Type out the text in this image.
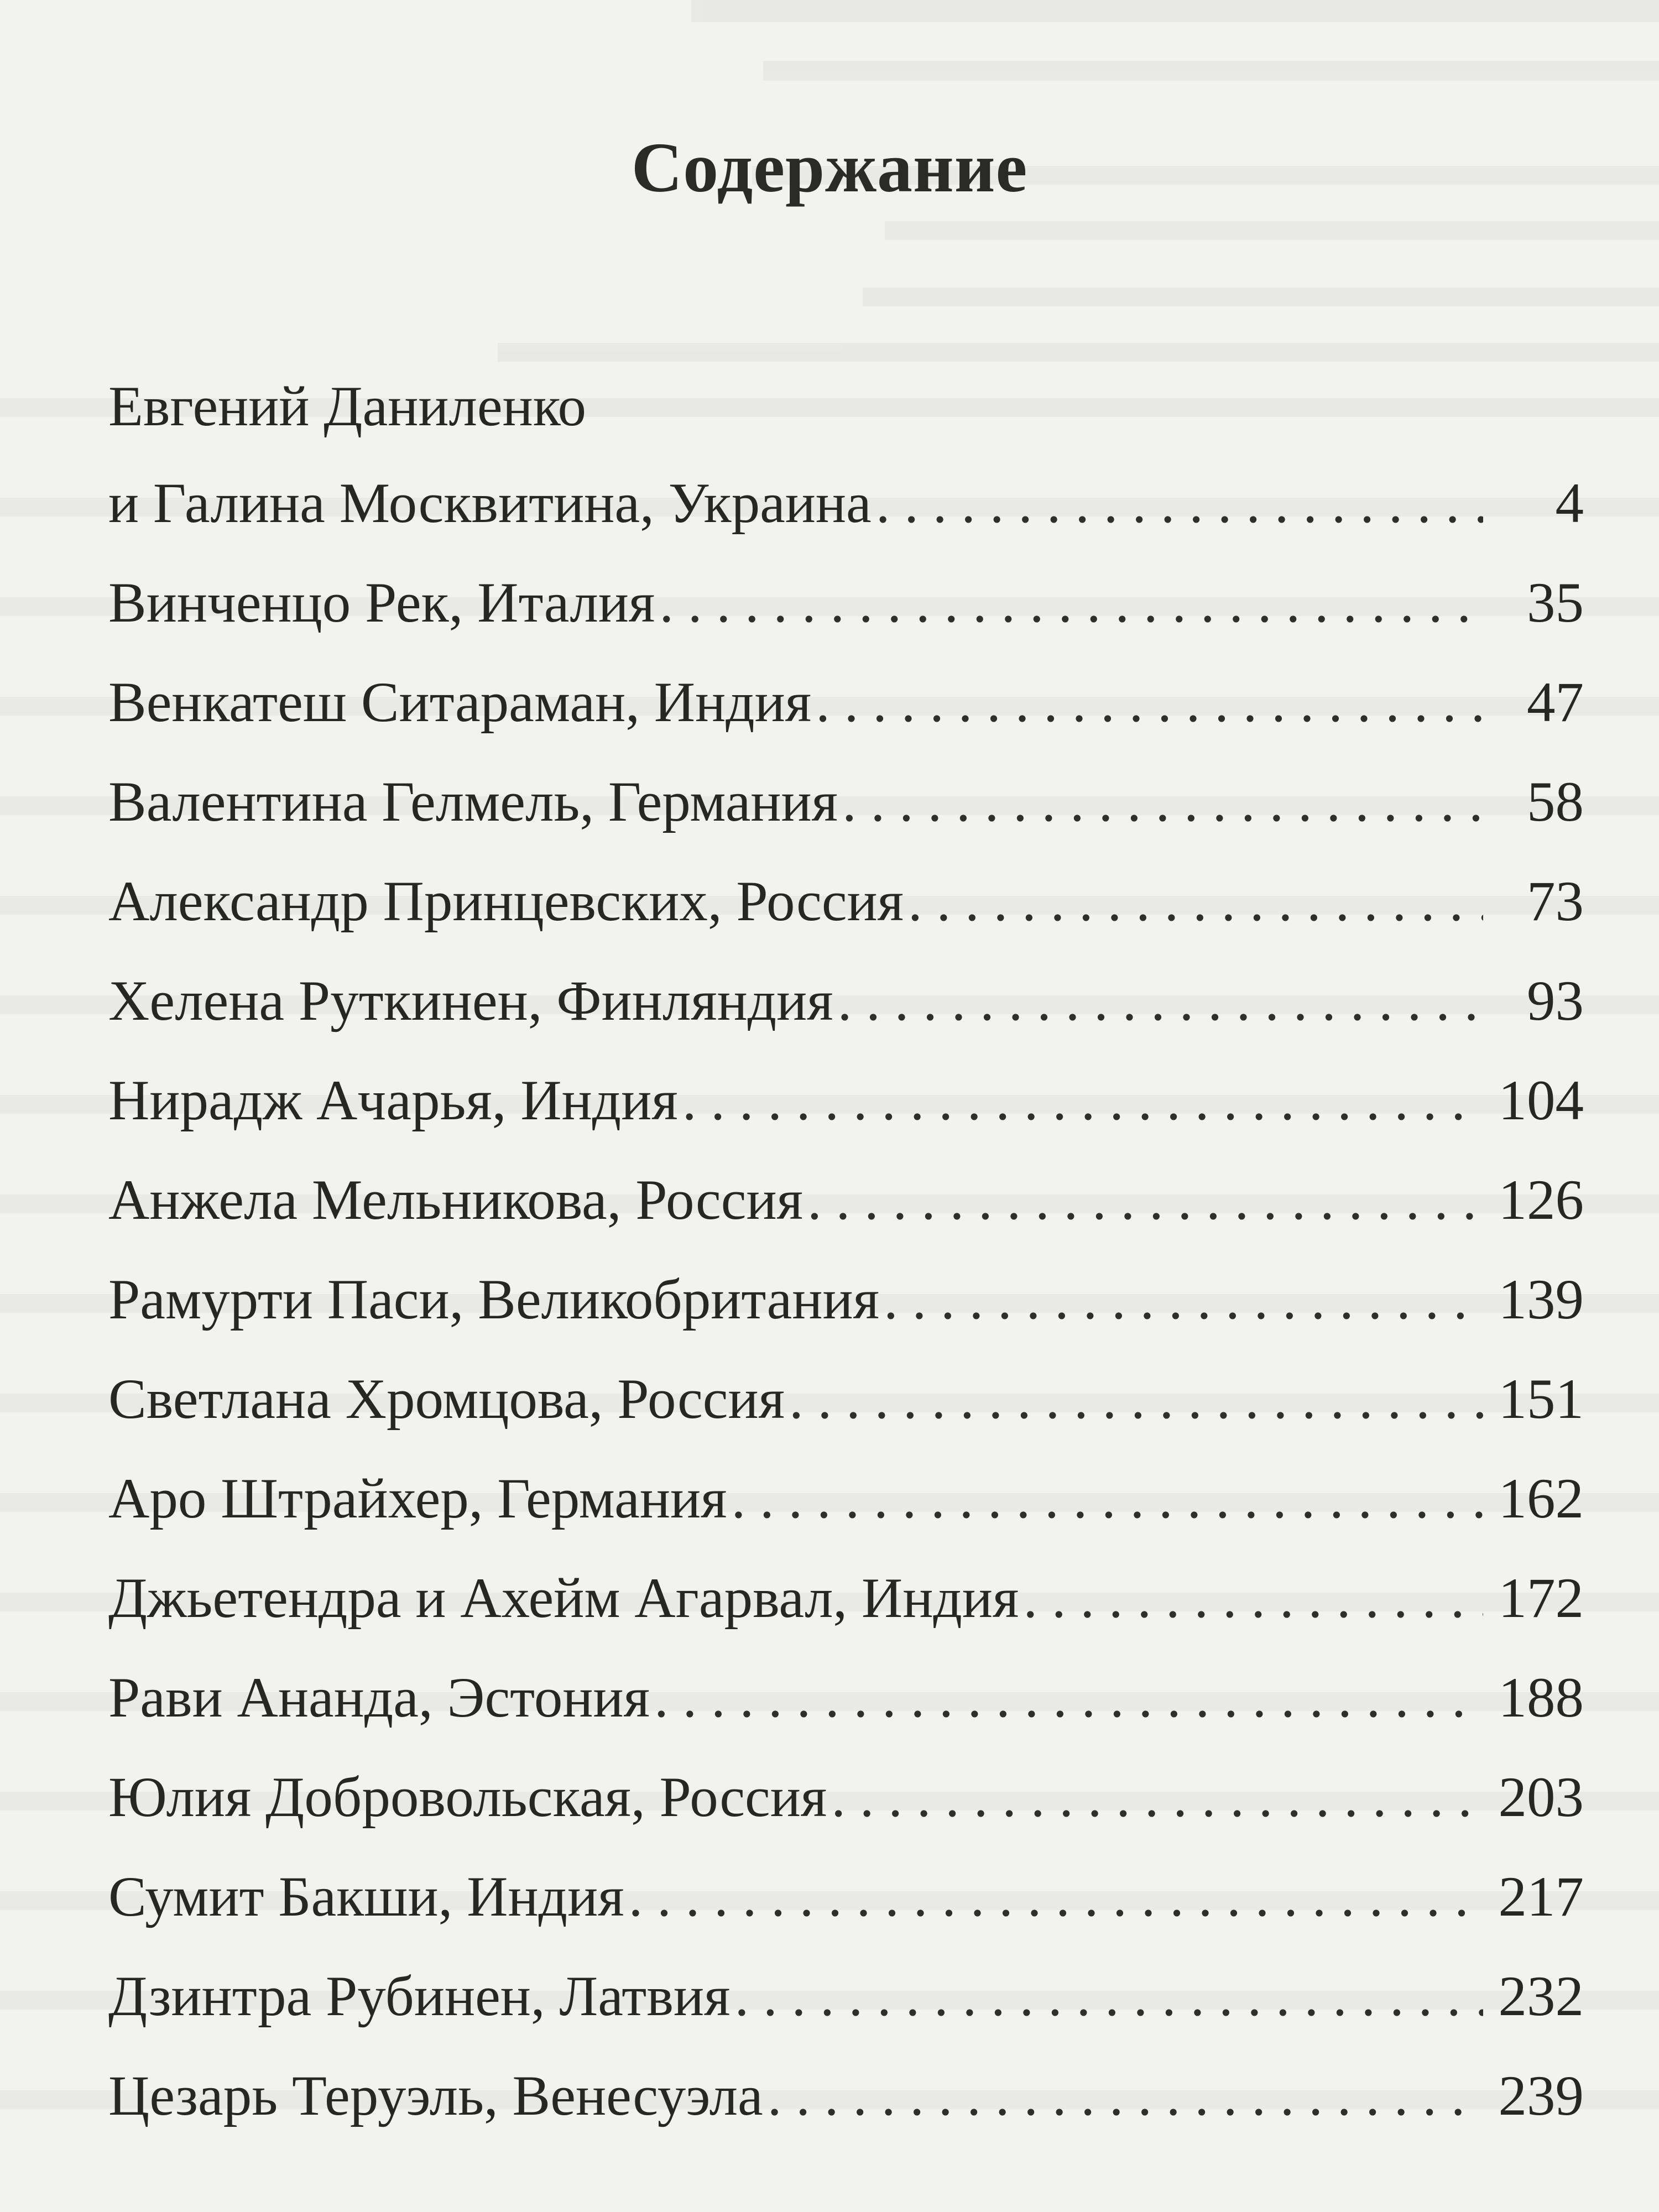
Содержание
Евгений Даниленко
и Галина Москвитина, Украина . . .	4
Винченцо Рек, Италия . . .	35
Венкатеш Ситараман, Индия . . .	47
Валентина Гелмель, Германия . . .	58
Александр Принцевских, Россия . . .	73
Хелена Руткинен, Финляндия . . .	93
Нирадж Ачарья, Индия . . .	104
Анжела Мельникова, Россия . . .	126
Рамурти Паси, Великобритания . . .	139
Светлана Хромцова, Россия . . .	151
Аро Штрайхер, Германия . . .	162
Джьетендра и Ахейм Агарвал, Индия . . .	172
Рави Ананда, Эстония . . .	188
Юлия Добровольская, Россия . . .	203
Сумит Бакши, Индия . . .	217
Дзинтра Рубинен, Латвия . . .	232
Цезарь Теруэль, Венесуэла . . .	239
